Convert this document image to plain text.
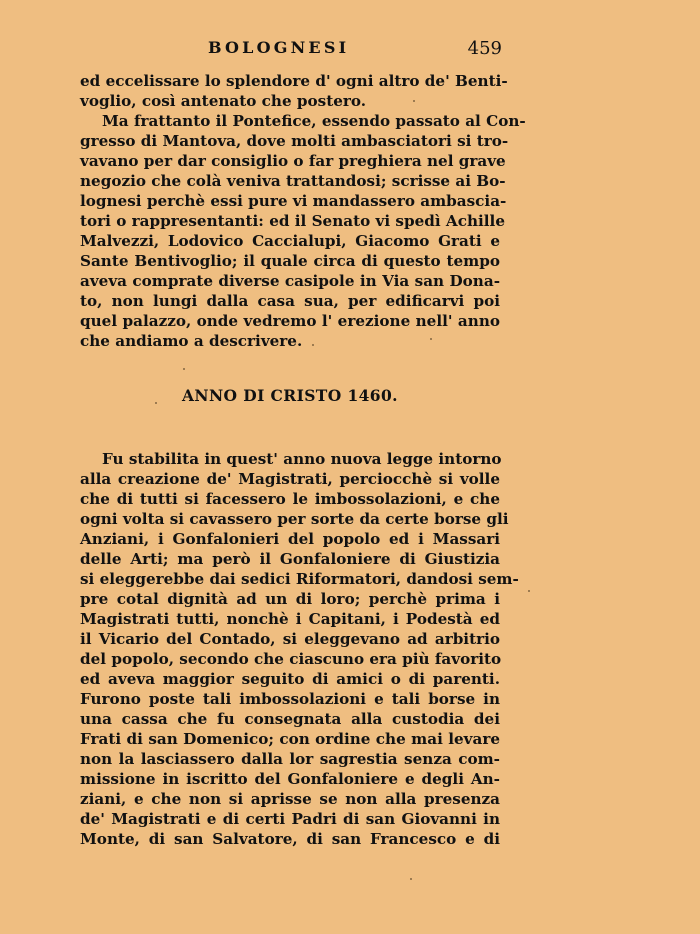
BOLOGNESI	459
ed eccelissare lo splendore d' ogni altro de' Benti-
voglio, così antenato che postero.
Ma frattanto il Pontefice, essendo passato al Con-
gresso di Mantova, dove molti ambasciatori si tro-
vavano per dar consiglio o far preghiera nel grave
negozio che colà veniva trattandosi; scrisse ai Bo-
lognesi perchè essi pure vi mandassero ambascia-
tori o rappresentanti: ed il Senato vi spedì Achille
Malvezzi, Lodovico Caccialupi, Giacomo Grati e
Sante Bentivoglio; il quale circa di questo tempo
aveva comprate diverse casipole in Via san Dona-
to, non lungi dalla casa sua, per edificarvi poi
quel palazzo, onde vedremo l' erezione nell' anno
che andiamo a descrivere.
ANNO DI CRISTO 1460.
Fu stabilita in quest' anno nuova legge intorno
alla creazione de' Magistrati, perciocchè si volle
che di tutti si facessero le imbossolazioni, e che
ogni volta si cavassero per sorte da certe borse gli
Anziani, i Gonfalonieri del popolo ed i Massari
delle Arti; ma però il Gonfaloniere di Giustizia
si eleggerebbe dai sedici Riformatori, dandosi sem-
pre cotal dignità ad un di loro; perchè prima i
Magistrati tutti, nonchè i Capitani, i Podestà ed
il Vicario del Contado, si eleggevano ad arbitrio
del popolo, secondo che ciascuno era più favorito
ed aveva maggior seguito di amici o di parenti.
Furono poste tali imbossolazioni e tali borse in
una cassa che fu consegnata alla custodia dei
Frati di san Domenico; con ordine che mai levare
non la lasciassero dalla lor sagrestia senza com-
missione in iscritto del Gonfaloniere e degli An-
ziani, e che non si aprisse se non alla presenza
de' Magistrati e di certi Padri di san Giovanni in
Monte, di san Salvatore, di san Francesco e di
